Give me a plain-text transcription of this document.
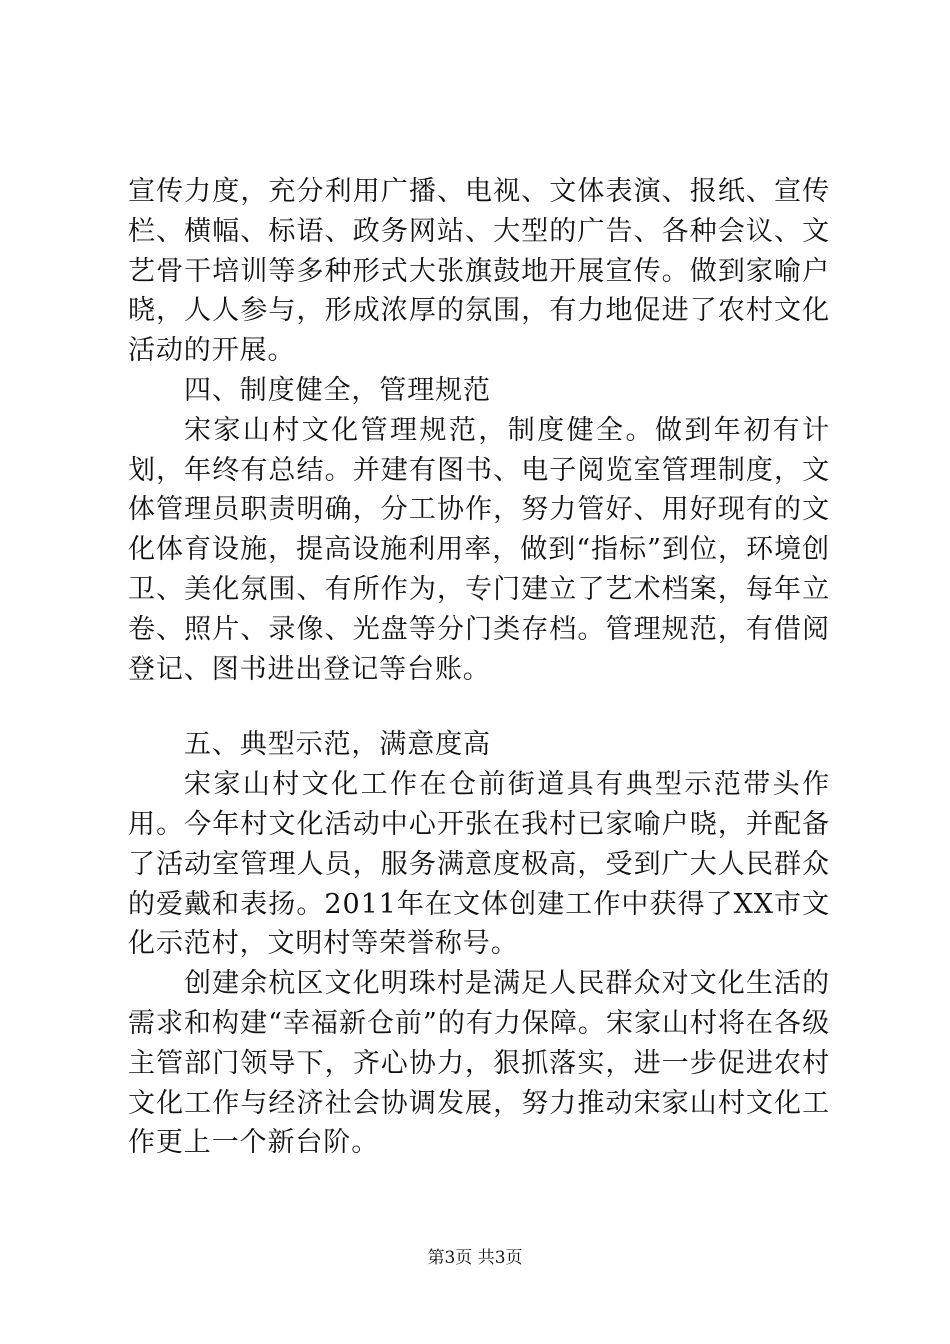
宣传力度，充分利用广播、电视、文体表演、报纸、宣传栏、横幅、标语、政务网站、大型的广告、各种会议、文艺骨干培训等多种形式大张旗鼓地开展宣传。做到家喻户晓，人人参与，形成浓厚的氛围，有力地促进了农村文化活动的开展。

四、制度健全，管理规范

宋家山村文化管理规范，制度健全。做到年初有计划，年终有总结。并建有图书、电子阅览室管理制度，文体管理员职责明确，分工协作，努力管好、用好现有的文化体育设施，提高设施利用率，做到“指标”到位，环境创卫、美化氛围、有所作为，专门建立了艺术档案，每年立卷、照片、录像、光盘等分门类存档。管理规范，有借阅登记、图书进出登记等台账。

五、典型示范，满意度高

宋家山村文化工作在仓前街道具有典型示范带头作用。今年村文化活动中心开张在我村已家喻户晓，并配备了活动室管理人员，服务满意度极高，受到广大人民群众的爱戴和表扬。2011年在文体创建工作中获得了XX市文化示范村，文明村等荣誉称号。

创建余杭区文化明珠村是满足人民群众对文化生活的需求和构建“幸福新仓前”的有力保障。宋家山村将在各级主管部门领导下，齐心协力，狠抓落实，进一步促进农村文化工作与经济社会协调发展，努力推动宋家山村文化工作更上一个新台阶。

第3页 共3页
